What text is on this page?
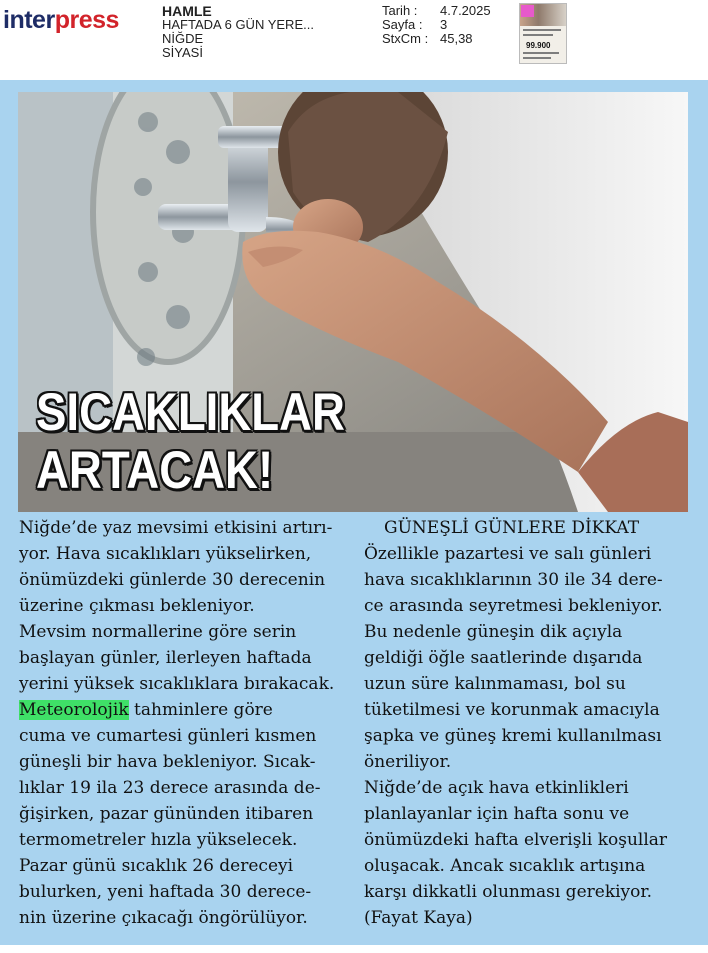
interpress	HAMLE
HAFTADA 6 GÜN YERE...
NİĞDE
SİYASİ
Tarih :	4.7.2025
Sayfa :	3
StxCm : 45,38	99.900
SICAKLIKLAR
ARTACAK!
Niğde’de yaz mevsimi etkisini artırı-
yor. Hava sıcaklıkları yükselirken,
önümüzdeki günlerde 30 derecenin
üzerine çıkması bekleniyor.
Mevsim normallerine göre serin
başlayan günler, ilerleyen haftada
yerini yüksek sıcaklıklara bırakacak.
Meteorolojik tahminlere göre
cuma ve cumartesi günleri kısmen
güneşli bir hava bekleniyor. Sıcak-
lıklar 19 ila 23 derece arasında de-
ğişirken, pazar gününden itibaren
termometreler hızla yükselecek.
Pazar günü sıcaklık 26 dereceyi
bulurken, yeni haftada 30 derece-
nin üzerine çıkacağı öngörülüyor.
GÜNEŞLİ GÜNLERE DİKKAT
Özellikle pazartesi ve salı günleri
hava sıcaklıklarının 30 ile 34 dere-
ce arasında seyretmesi bekleniyor.
Bu nedenle güneşin dik açıyla
geldiği öğle saatlerinde dışarıda
uzun süre kalınmaması, bol su
tüketilmesi ve korunmak amacıyla
şapka ve güneş kremi kullanılması
öneriliyor.
Niğde’de açık hava etkinlikleri
planlayanlar için hafta sonu ve
önümüzdeki hafta elverişli koşullar
oluşacak. Ancak sıcaklık artışına
karşı dikkatli olunması gerekiyor.
(Fayat Kaya)
